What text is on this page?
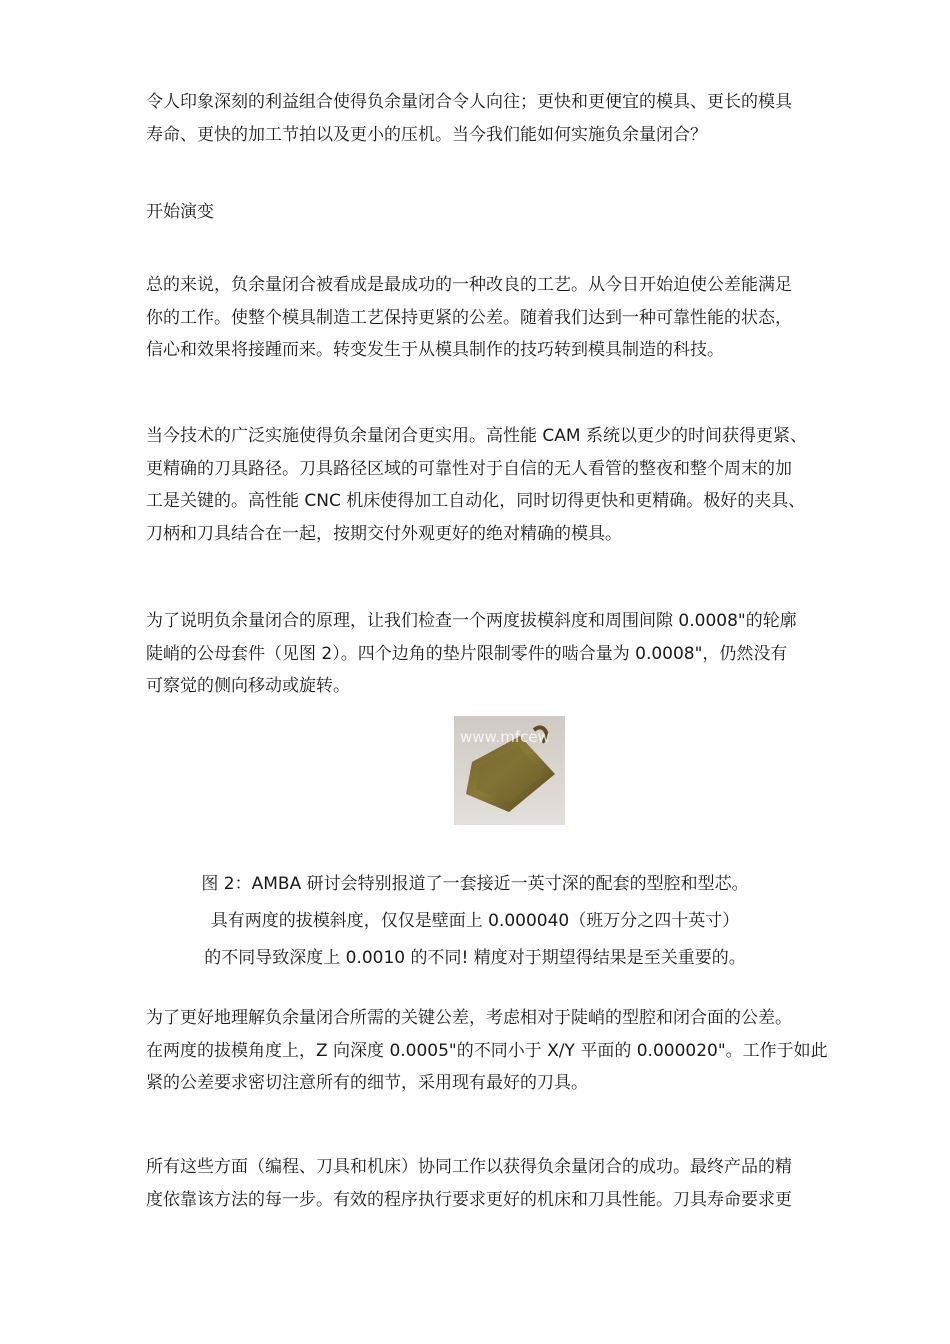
令人印象深刻的利益组合使得负余量闭合令人向往；更快和更便宜的模具、更长的模具
寿命、更快的加工节拍以及更小的压机。当今我们能如何实施负余量闭合？

开始演变

总的来说，负余量闭合被看成是最成功的一种改良的工艺。从今日开始迫使公差能满足
你的工作。使整个模具制造工艺保持更紧的公差。随着我们达到一种可靠性能的状态，
信心和效果将接踵而来。转变发生于从模具制作的技巧转到模具制造的科技。

当今技术的广泛实施使得负余量闭合更实用。高性能 CAM 系统以更少的时间获得更紧、
更精确的刀具路径。刀具路径区域的可靠性对于自信的无人看管的整夜和整个周末的加
工是关键的。高性能 CNC 机床使得加工自动化，同时切得更快和更精确。极好的夹具、
刀柄和刀具结合在一起，按期交付外观更好的绝对精确的模具。

为了说明负余量闭合的原理，让我们检查一个两度拔模斜度和周围间隙 0.0008"的轮廓
陡峭的公母套件（见图 2）。四个边角的垫片限制零件的啮合量为 0.0008"，仍然没有
可察觉的侧向移动或旋转。

www.mfcew

图 2：AMBA 研讨会特别报道了一套接近一英寸深的配套的型腔和型芯。
具有两度的拔模斜度，仅仅是壁面上 0.000040（班万分之四十英寸）
的不同导致深度上 0.0010 的不同! 精度对于期望得结果是至关重要的。

为了更好地理解负余量闭合所需的关键公差，考虑相对于陡峭的型腔和闭合面的公差。
在两度的拔模角度上，Z 向深度 0.0005"的不同小于 X/Y 平面的 0.000020"。工作于如此
紧的公差要求密切注意所有的细节，采用现有最好的刀具。

所有这些方面（编程、刀具和机床）协同工作以获得负余量闭合的成功。最终产品的精
度依靠该方法的每一步。有效的程序执行要求更好的机床和刀具性能。刀具寿命要求更
